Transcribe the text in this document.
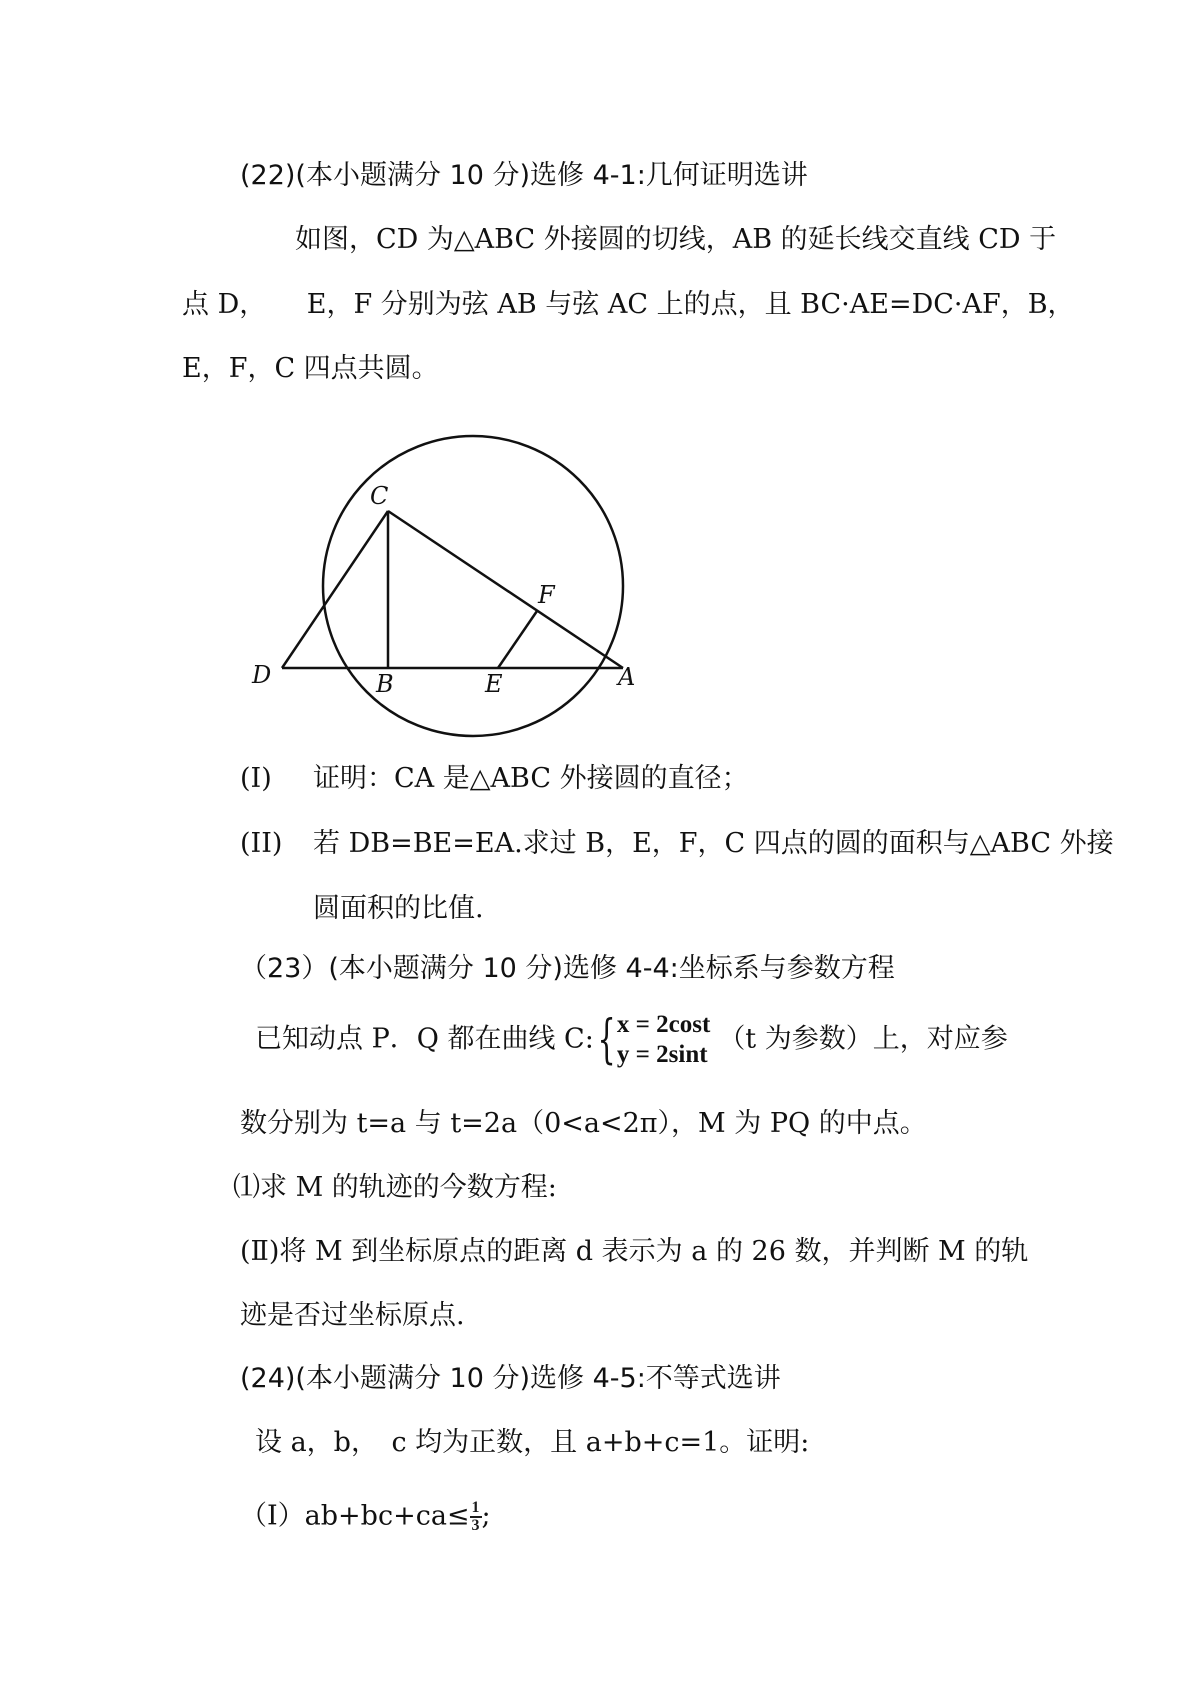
(22)(本小题满分 10 分)选修 4-1:几何证明选讲
如图，CD 为△ABC 外接圆的切线，AB 的延长线交直线 CD 于
点 D，　　E，F 分别为弦 AB 与弦 AC 上的点，且 BC·AE=DC·AF，B，
E，F，C 四点共圆。
C
F
D	B	E	A
(I) 证明：CA 是△ABC 外接圆的直径；
(II) 若 DB=BE=EA.求过 B，E，F，C 四点的圆的面积与△ABC 外接
圆面积的比值.
（23）(本小题满分 10 分)选修 4-4:坐标系与参数方程
已知动点 P．Q 都在曲线 C:{ x = 2cost
y = 2sint （t 为参数）上，对应参
数分别为 t=a 与 t=2a（0<a<2π），M 为 PQ 的中点。
⑴求 M 的轨迹的今数方程:
(Ⅱ)将 M 到坐标原点的距离 d 表示为 a 的 26 数，并判断 M 的轨
迹是否过坐标原点.
(24)(本小题满分 10 分)选修 4-5:不等式选讲
设 a，b，　c 均为正数，且 a+b+c=1。证明:
（Ⅰ）ab+bc+ca≤ $\frac{1}{3}$ ;
